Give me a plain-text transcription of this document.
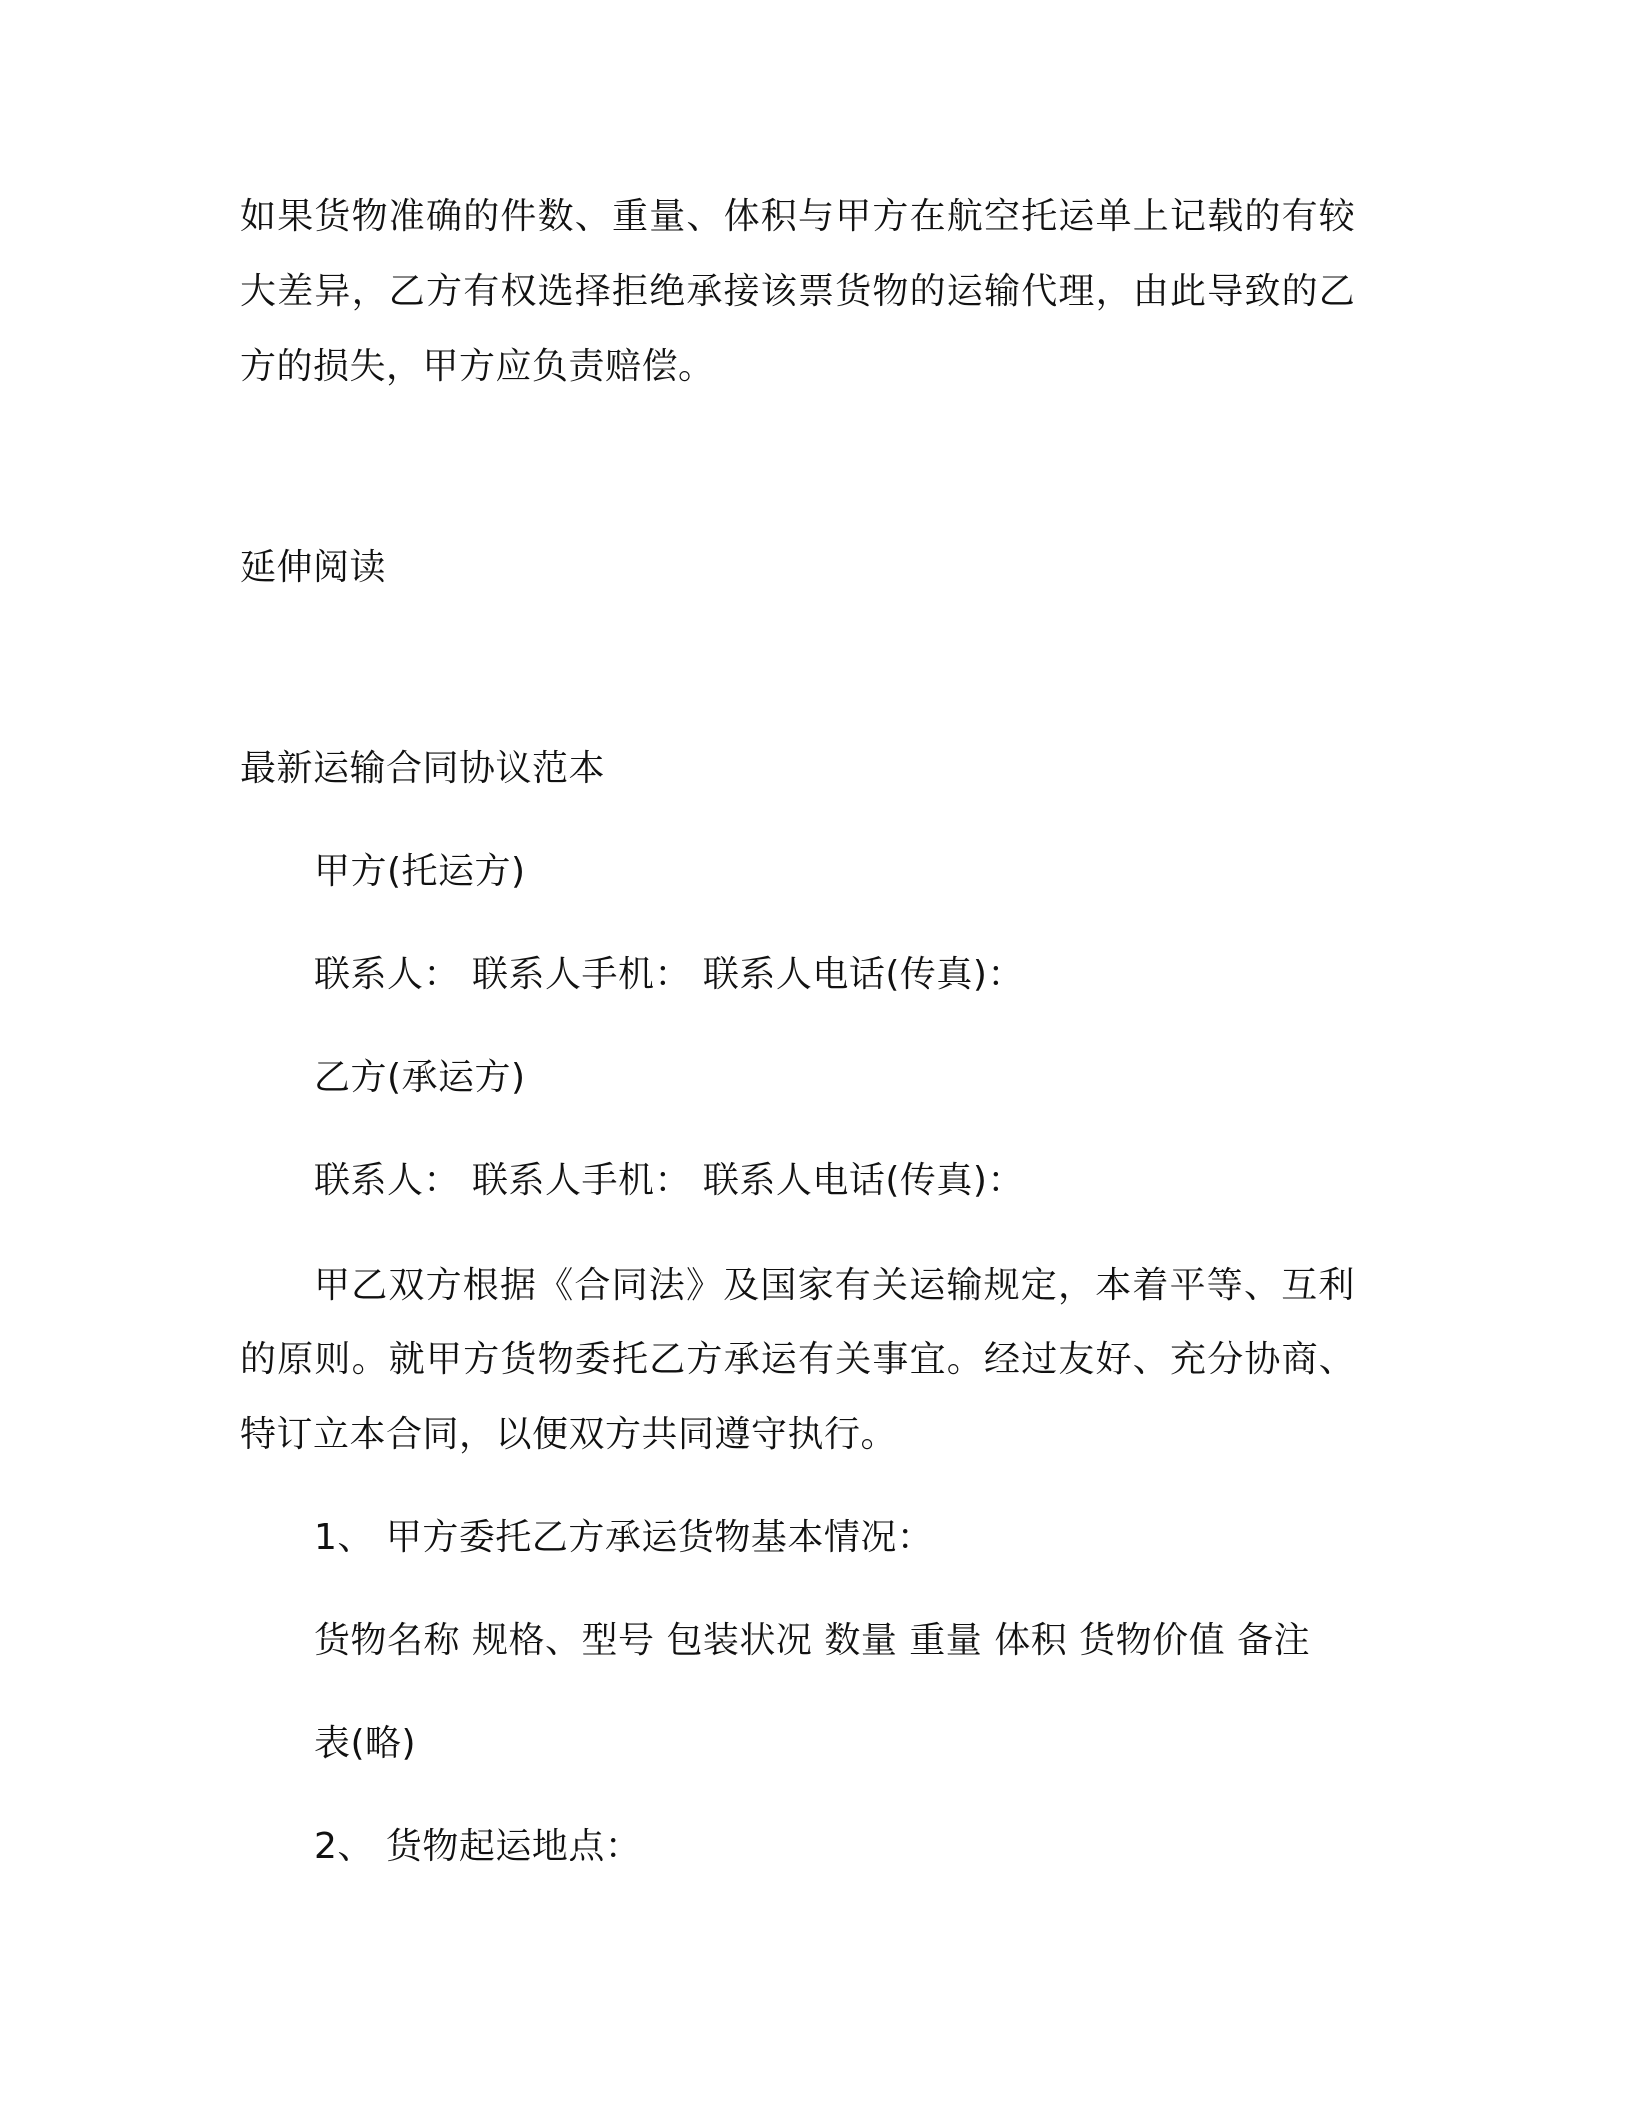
如果货物准确的件数、重量、体积与甲方在航空托运单上记载的有较
大差异，乙方有权选择拒绝承接该票货物的运输代理，由此导致的乙
方的损失，甲方应负责赔偿。
延伸阅读
最新运输合同协议范本
甲方(托运方)
联系人： 联系人手机： 联系人电话(传真)：
乙方(承运方)
联系人： 联系人手机： 联系人电话(传真)：
甲乙双方根据《合同法》及国家有关运输规定，本着平等、互利
的原则。就甲方货物委托乙方承运有关事宜。经过友好、充分协商、
特订立本合同，以便双方共同遵守执行。
1、 甲方委托乙方承运货物基本情况：
货物名称 规格、型号 包装状况 数量 重量 体积 货物价值 备注
表(略)
2、 货物起运地点：
